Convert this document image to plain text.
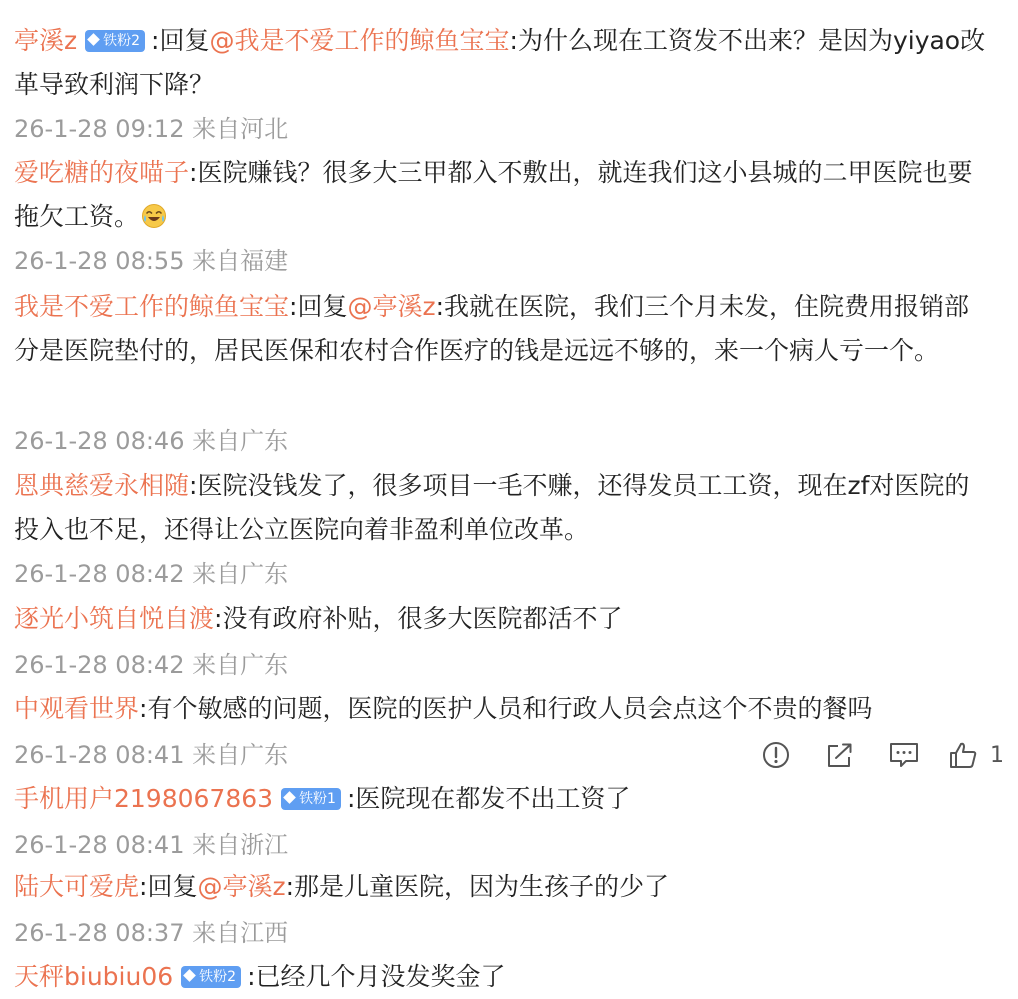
亭溪z 铁粉2 :回复@我是不爱工作的鲸鱼宝宝:为什么现在工资发不出来？是因为yiyao改革导致利润下降？
26-1-28 09:12 来自河北
爱吃糖的夜喵子:医院赚钱？很多大三甲都入不敷出，就连我们这小县城的二甲医院也要拖欠工资。
26-1-28 08:55 来自福建
我是不爱工作的鲸鱼宝宝:回复@亭溪z:我就在医院，我们三个月未发，住院费用报销部分是医院垫付的，居民医保和农村合作医疗的钱是远远不够的，来一个病人亏一个。
26-1-28 08:46 来自广东
恩典慈爱永相随:医院没钱发了，很多项目一毛不赚，还得发员工工资，现在zf对医院的投入也不足，还得让公立医院向着非盈利单位改革。
26-1-28 08:42 来自广东
逐光小筑自悦自渡:没有政府补贴，很多大医院都活不了
26-1-28 08:42 来自广东
中观看世界:有个敏感的问题，医院的医护人员和行政人员会点这个不贵的餐吗
26-1-28 08:41 来自广东	1
手机用户2198067863 铁粉1 :医院现在都发不出工资了
26-1-28 08:41 来自浙江
陆大可爱虎:回复@亭溪z:那是儿童医院，因为生孩子的少了
26-1-28 08:37 来自江西
天秤biubiu06 铁粉2 :已经几个月没发奖金了
